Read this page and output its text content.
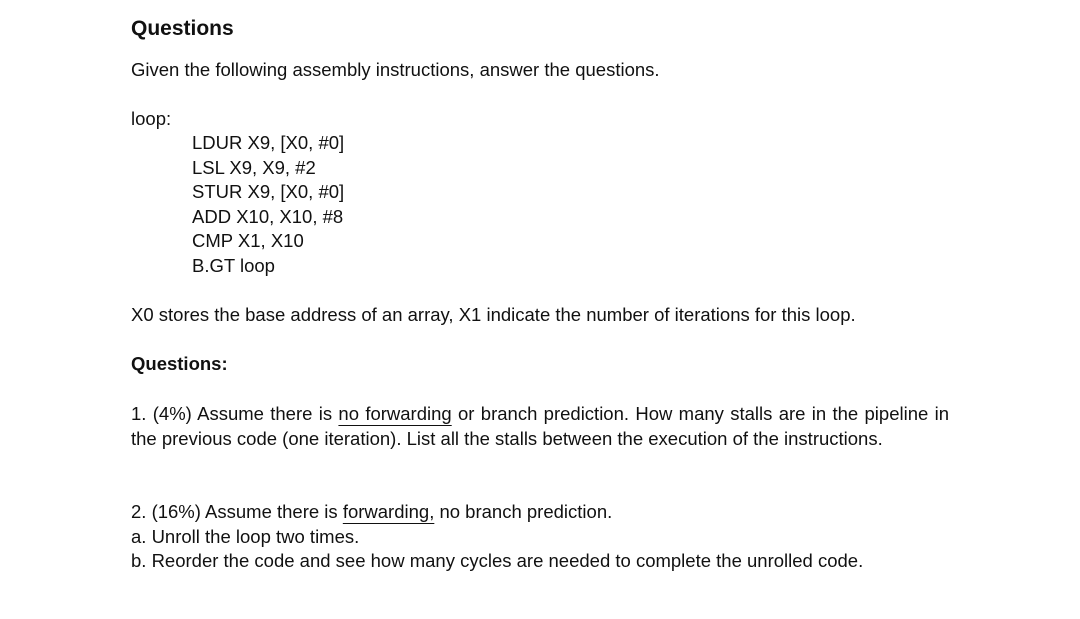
Questions

Given the following assembly instructions, answer the questions.

loop:

LDUR X9, [X0, #0]
LSL X9, X9, #2
STUR X9, [X0, #0]
ADD X10, X10, #8
CMP X1, X10
B.GT loop

X0 stores the base address of an array, X1 indicate the number of iterations for this loop.

Questions:

1. (4%) Assume there is no forwarding or branch prediction. How many stalls are in the pipeline in the previous code (one iteration). List all the stalls between the execution of the instructions.

2. (16%) Assume there is forwarding, no branch prediction.

a. Unroll the loop two times.

b. Reorder the code and see how many cycles are needed to complete the unrolled code.
